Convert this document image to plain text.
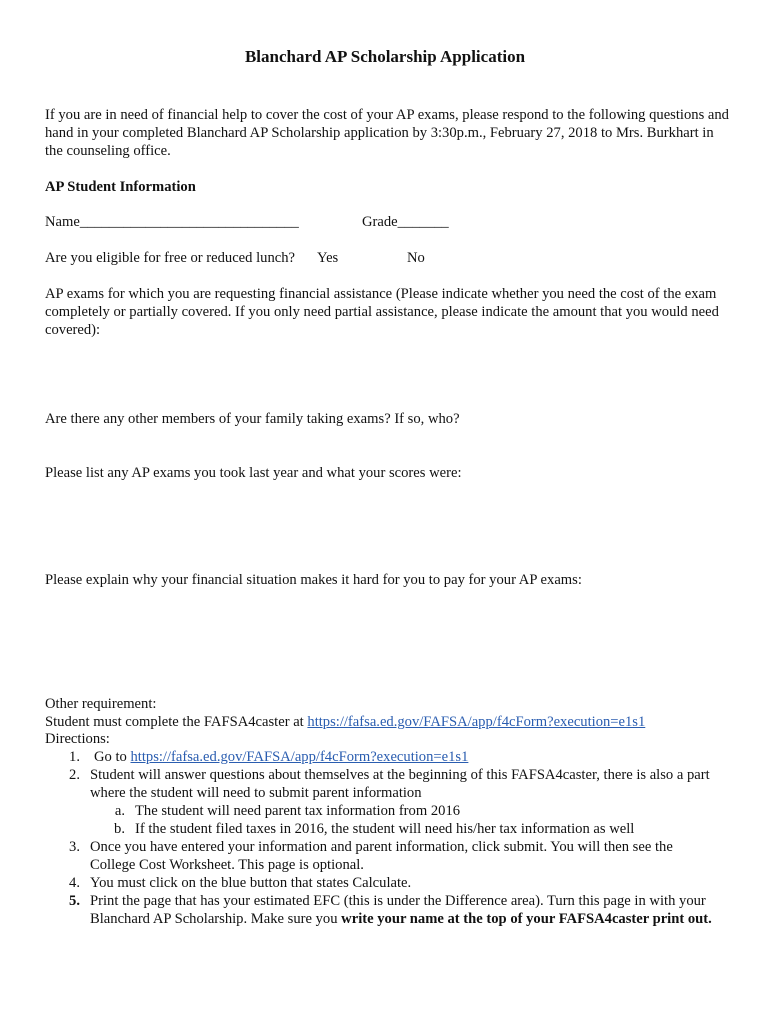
Blanchard AP Scholarship Application
If you are in need of financial help to cover the cost of your AP exams, please respond to the following questions and hand in your completed Blanchard AP Scholarship application by 3:30p.m., February 27, 2018 to Mrs. Burkhart in the counseling office.
AP Student Information
Name______________________________	Grade_______
Are you eligible for free or reduced lunch? Yes	No
AP exams for which you are requesting financial assistance (Please indicate whether you need the cost of the exam completely or partially covered. If you only need partial assistance, please indicate the amount that you would need covered):
Are there any other members of your family taking exams? If so, who?
Please list any AP exams you took last year and what your scores were:
Please explain why your financial situation makes it hard for you to pay for your AP exams:
Other requirement:
Student must complete the FAFSA4caster at https://fafsa.ed.gov/FAFSA/app/f4cForm?execution=e1s1
Directions:
1. Go to https://fafsa.ed.gov/FAFSA/app/f4cForm?execution=e1s1
2. Student will answer questions about themselves at the beginning of this FAFSA4caster, there is also a part where the student will need to submit parent information
a. The student will need parent tax information from 2016
b. If the student filed taxes in 2016, the student will need his/her tax information as well
3. Once you have entered your information and parent information, click submit. You will then see the College Cost Worksheet. This page is optional.
4. You must click on the blue button that states Calculate.
5. Print the page that has your estimated EFC (this is under the Difference area). Turn this page in with your Blanchard AP Scholarship. Make sure you write your name at the top of your FAFSA4caster print out.
